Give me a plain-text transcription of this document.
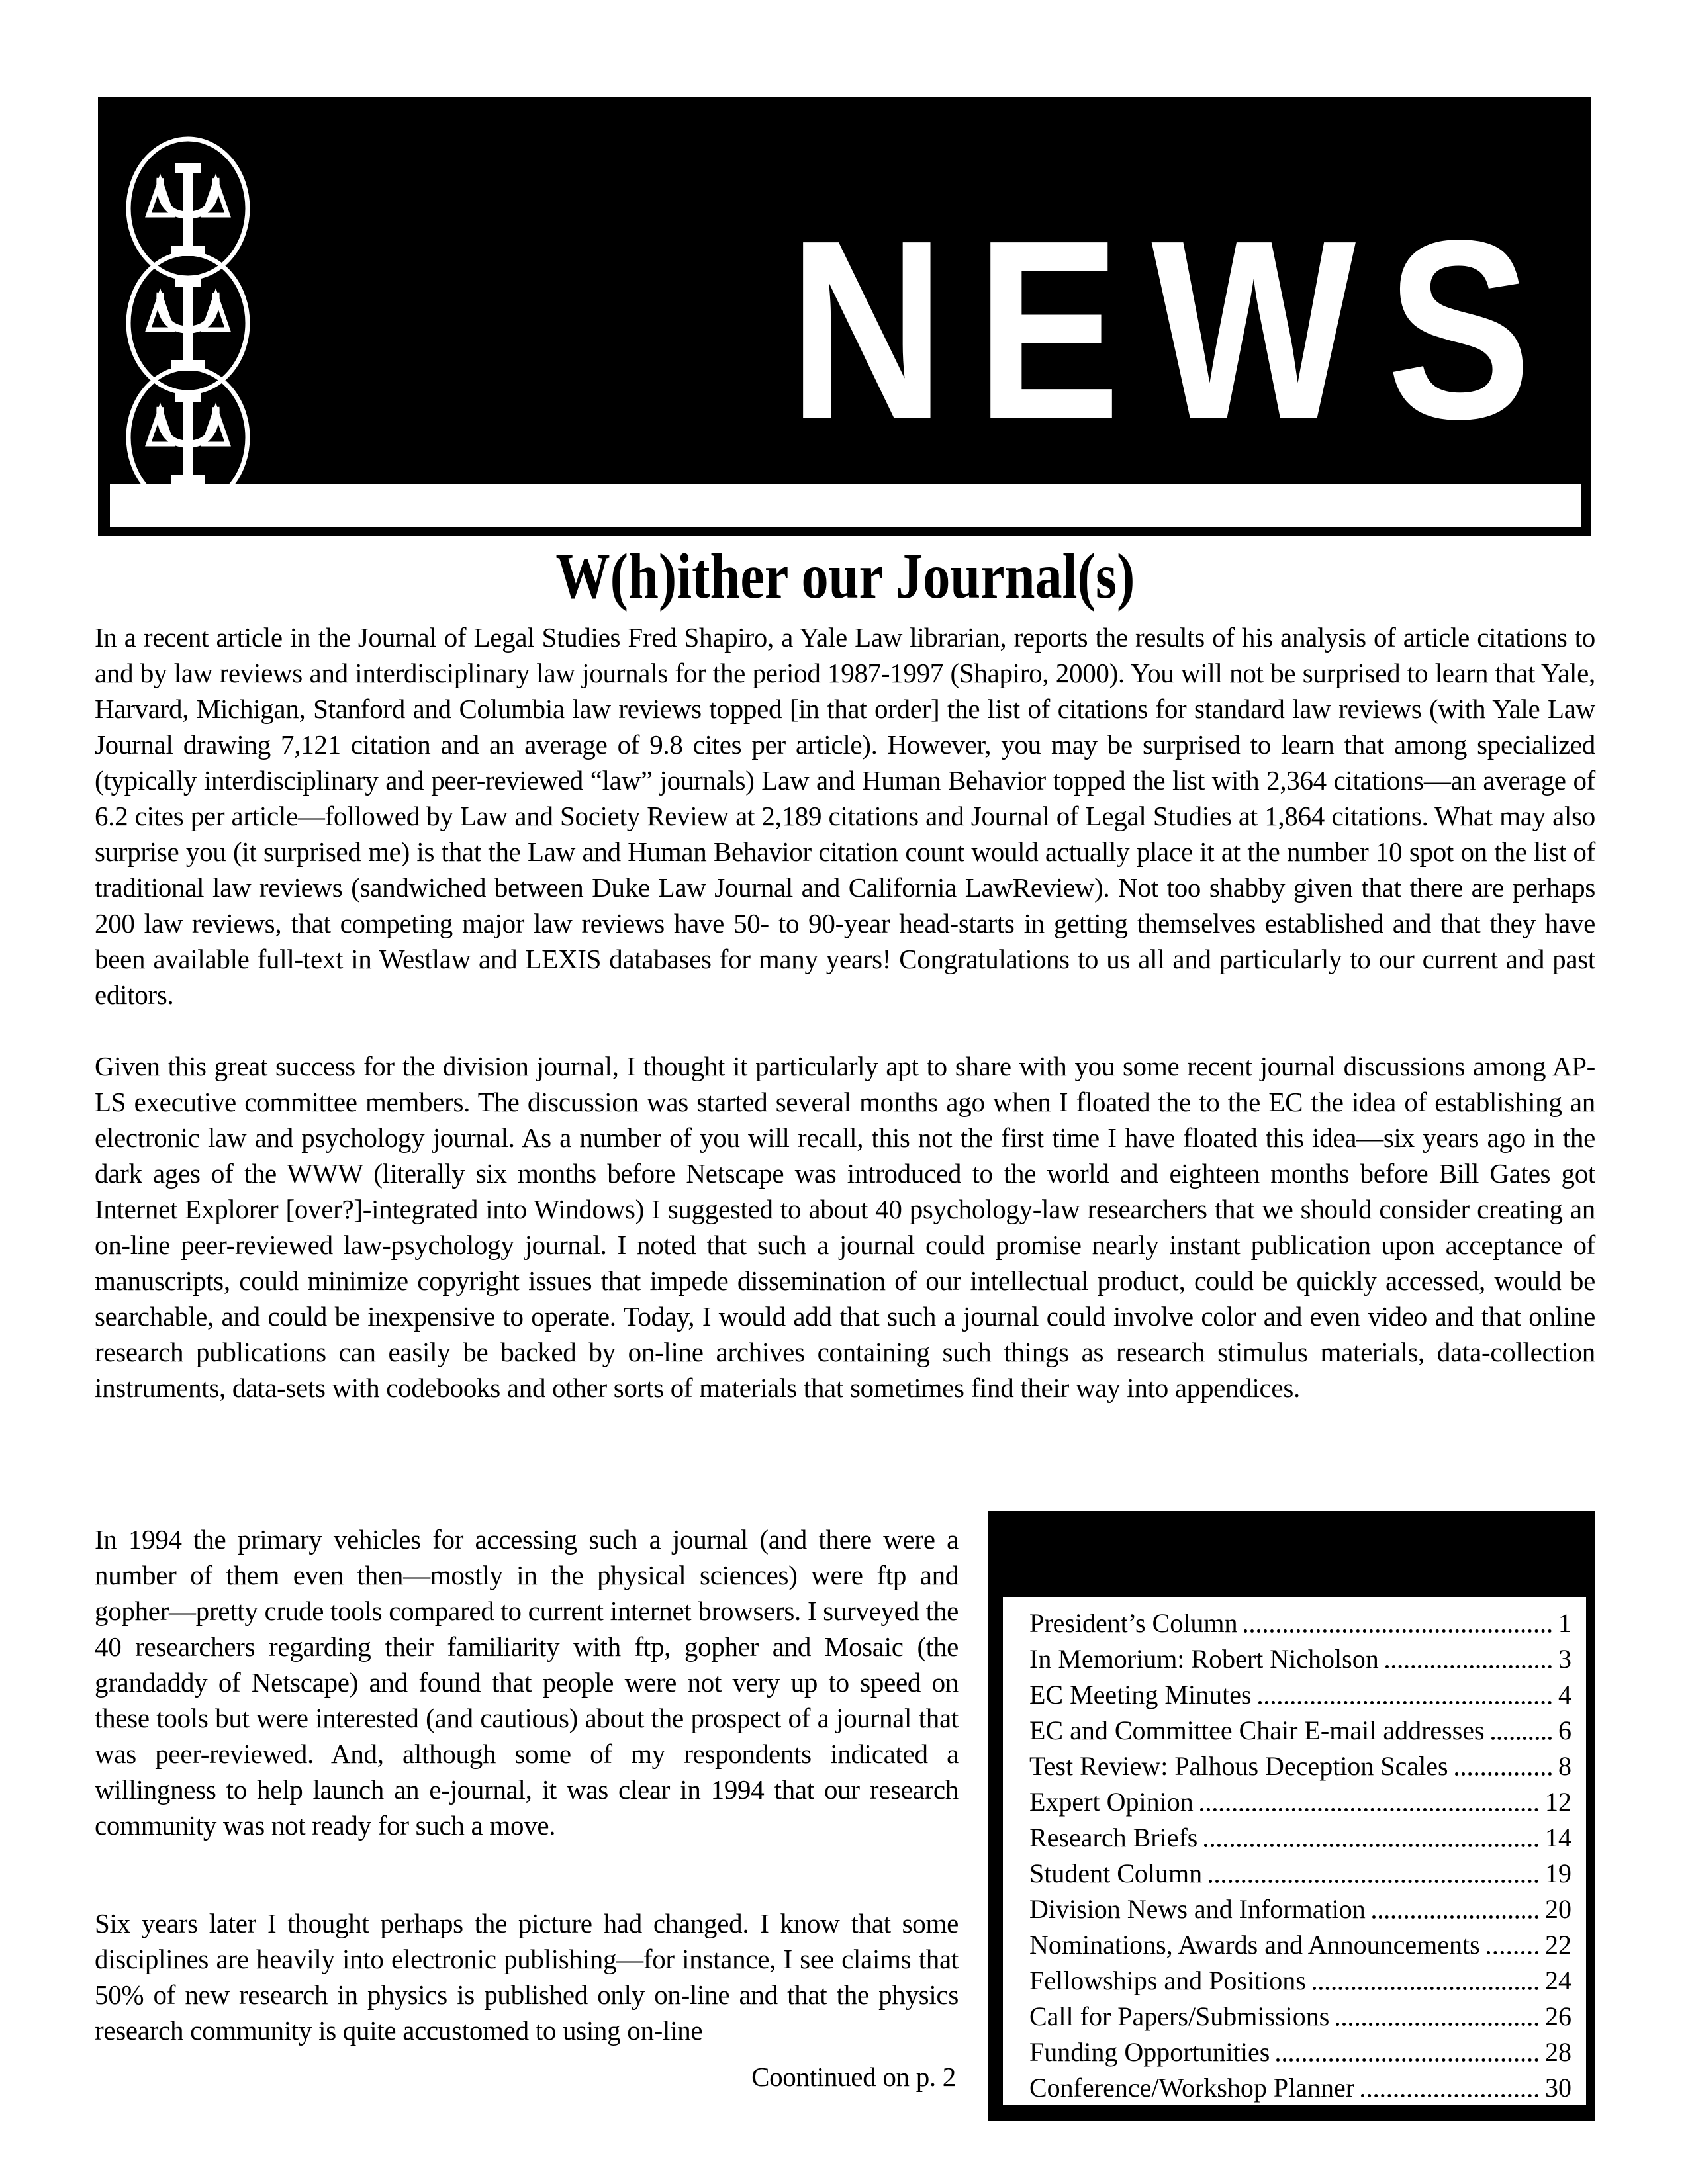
NEWS
W(h)ither our Journal(s)

In a recent article in the Journal of Legal Studies Fred Shapiro, a Yale Law librarian, reports the results of his analysis of article citations to and by law reviews and interdisciplinary law journals for the period 1987-1997 (Shapiro, 2000). You will not be surprised to learn that Yale, Harvard, Michigan, Stanford and Columbia law reviews topped [in that order] the list of citations for standard law reviews (with Yale Law Journal drawing 7,121 citation and an average of 9.8 cites per article). However, you may be surprised to learn that among specialized (typically interdisciplinary and peer-reviewed “law” journals) Law and Human Behavior topped the list with 2,364 citations—an average of 6.2 cites per article—followed by Law and Society Review at 2,189 citations and Journal of Legal Studies at 1,864 citations. What may also surprise you (it surprised me) is that the Law and Human Behavior citation count would actually place it at the number 10 spot on the list of traditional law reviews (sandwiched between Duke Law Journal and California LawReview). Not too shabby given that there are perhaps 200 law reviews, that competing major law reviews have 50- to 90-year head-starts in getting themselves established and that they have been available full-text in Westlaw and LEXIS databases for many years! Congratulations to us all and particularly to our current and past editors.

Given this great success for the division journal, I thought it particularly apt to share with you some recent journal discussions among AP-LS executive committee members. The discussion was started several months ago when I floated the to the EC the idea of establishing an electronic law and psychology journal. As a number of you will recall, this not the first time I have floated this idea—six years ago in the dark ages of the WWW (literally six months before Netscape was introduced to the world and eighteen months before Bill Gates got Internet Explorer [over?]-integrated into Windows) I suggested to about 40 psychology-law researchers that we should consider creating an on-line peer-reviewed law-psychology journal. I noted that such a journal could promise nearly instant publication upon acceptance of manuscripts, could minimize copyright issues that impede dissemination of our intellectual product, could be quickly accessed, would be searchable, and could be inexpensive to operate. Today, I would add that such a journal could involve color and even video and that online research publications can easily be backed by on-line archives containing such things as research stimulus materials, data-collection instruments, data-sets with codebooks and other sorts of materials that sometimes find their way into appendices.

In 1994 the primary vehicles for accessing such a journal (and there were a number of them even then—mostly in the physical sciences) were ftp and gopher—pretty crude tools compared to current internet browsers. I surveyed the 40 researchers regarding their familiarity with ftp, gopher and Mosaic (the grandaddy of Netscape) and found that people were not very up to speed on these tools but were interested (and cautious) about the prospect of a journal that was peer-reviewed. And, although some of my respondents indicated a willingness to help launch an e-journal, it was clear in 1994 that our research community was not ready for such a move.

Six years later I thought perhaps the picture had changed. I know that some disciplines are heavily into electronic publishing—for instance, I see claims that 50% of new research in physics is published only on-line and that the physics research community is quite accustomed to using on-line

Coontinued on p. 2
President’s Column	1
In Memorium: Robert Nicholson	3
EC Meeting Minutes	4
EC and Committee Chair E-mail addresses	6
Test Review: Palhous Deception Scales	8
Expert Opinion	12
Research Briefs	14
Student Column	19
Division News and Information	20
Nominations, Awards and Announcements 22
Fellowships and Positions	24
Call for Papers/Submissions	26
Funding Opportunities	28
Conference/Workshop Planner	30
